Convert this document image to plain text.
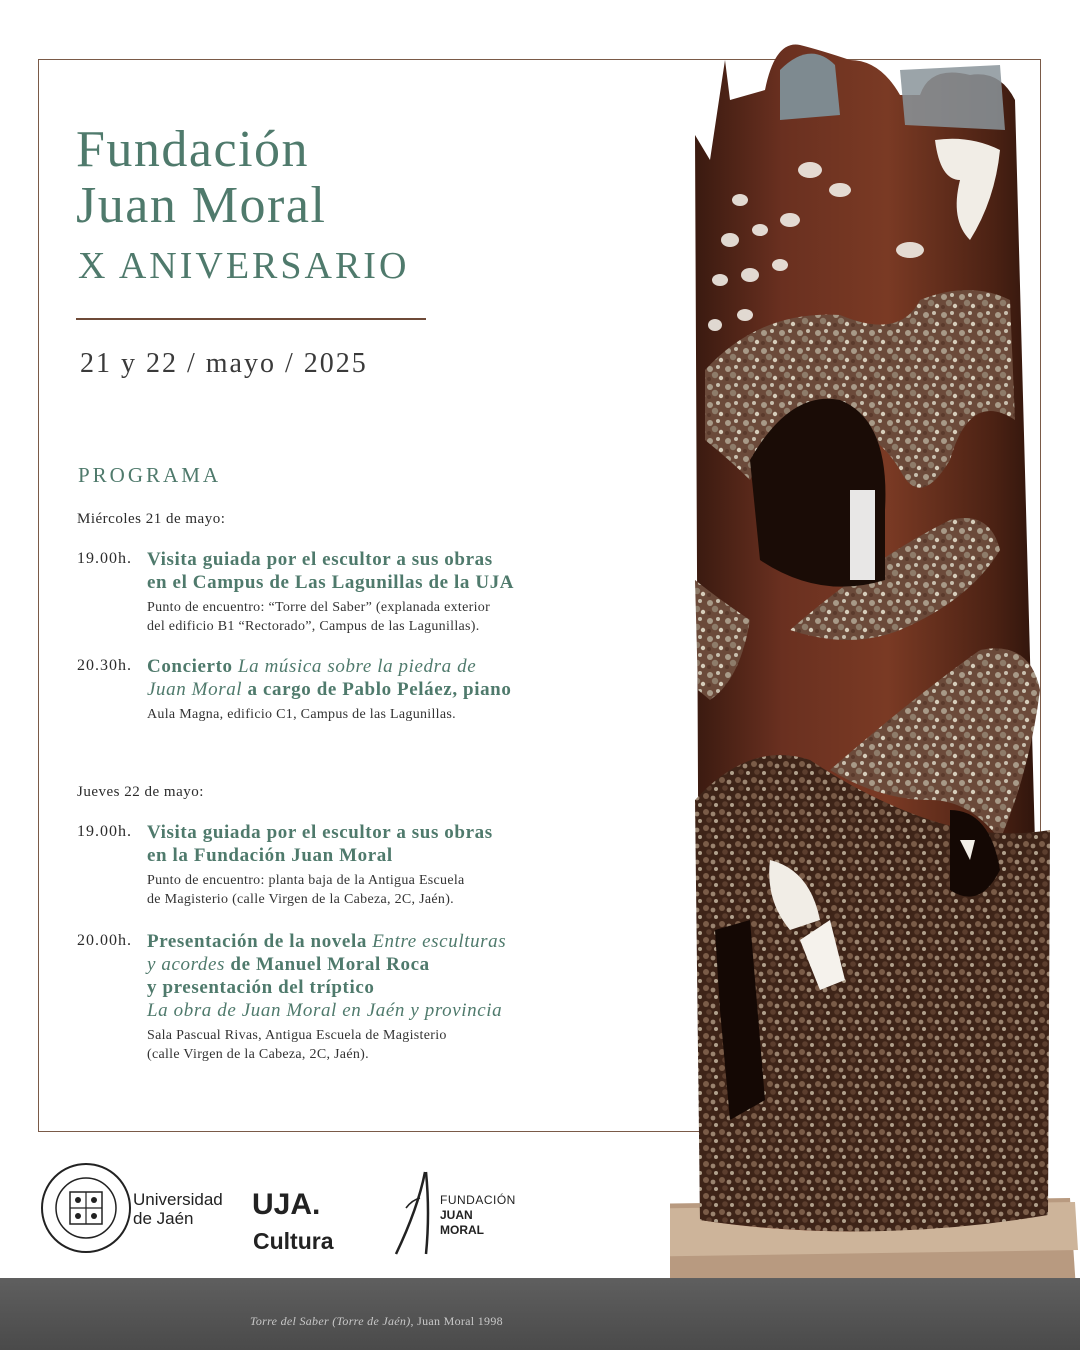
Fundación
Juan Moral
X ANIVERSARIO
21 y 22 / mayo / 2025
PROGRAMA
Miércoles 21 de mayo:
19.00h. Visita guiada por el escultor a sus obras
en el Campus de Las Lagunillas de la UJA
Punto de encuentro: “Torre del Saber” (explanada exterior
del edificio B1 “Rectorado”, Campus de las Lagunillas).
20.30h. Concierto La música sobre la piedra de
Juan Moral a cargo de Pablo Peláez, piano
Aula Magna, edificio C1, Campus de las Lagunillas.
Jueves 22 de mayo:
19.00h. Visita guiada por el escultor a sus obras
en la Fundación Juan Moral
Punto de encuentro: planta baja de la Antigua Escuela
de Magisterio (calle Virgen de la Cabeza, 2C, Jaén).
20.00h. Presentación de la novela Entre esculturas
y acordes de Manuel Moral Roca
y presentación del tríptico
La obra de Juan Moral en Jaén y provincia
Sala Pascual Rivas, Antigua Escuela de Magisterio
(calle Virgen de la Cabeza, 2C, Jaén).
Universidad
de Jaén UJA.
Cultura
FUNDACIÓN
JUAN
MORAL
Torre del Saber (Torre de Jaén), Juan Moral 1998
